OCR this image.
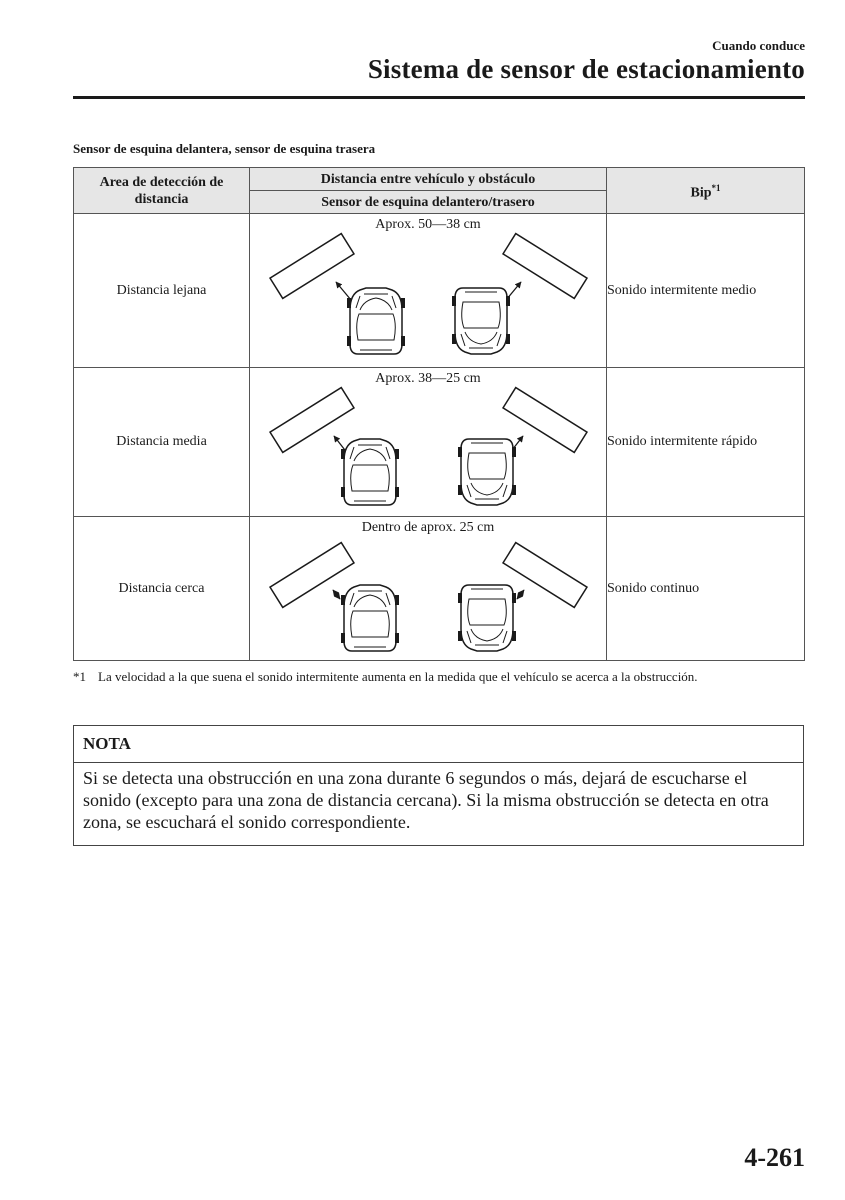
Cuando conduce
Sistema de sensor de estacionamiento
Sensor de esquina delantera, sensor de esquina trasera
Area de detección de distancia	Distancia entre vehículo y obstáculo	Bip$^{*1}$
	Sensor de esquina delantero/trasero	
Distancia lejana	Aprox. 50―38 cm	Sonido intermitente medio
Distancia media	Aprox. 38―25 cm	Sonido intermitente rápido
Distancia cerca	Dentro de aprox. 25 cm	Sonido continuo
*1 La velocidad a la que suena el sonido intermitente aumenta en la medida que el vehículo se acerca a la obstrucción.
NOTA
Si se detecta una obstrucción en una zona durante 6 segundos o más, dejará de escucharse el sonido (excepto para una zona de distancia cercana). Si la misma obstrucción se detecta en otra zona, se escuchará el sonido correspondiente.
4-261
